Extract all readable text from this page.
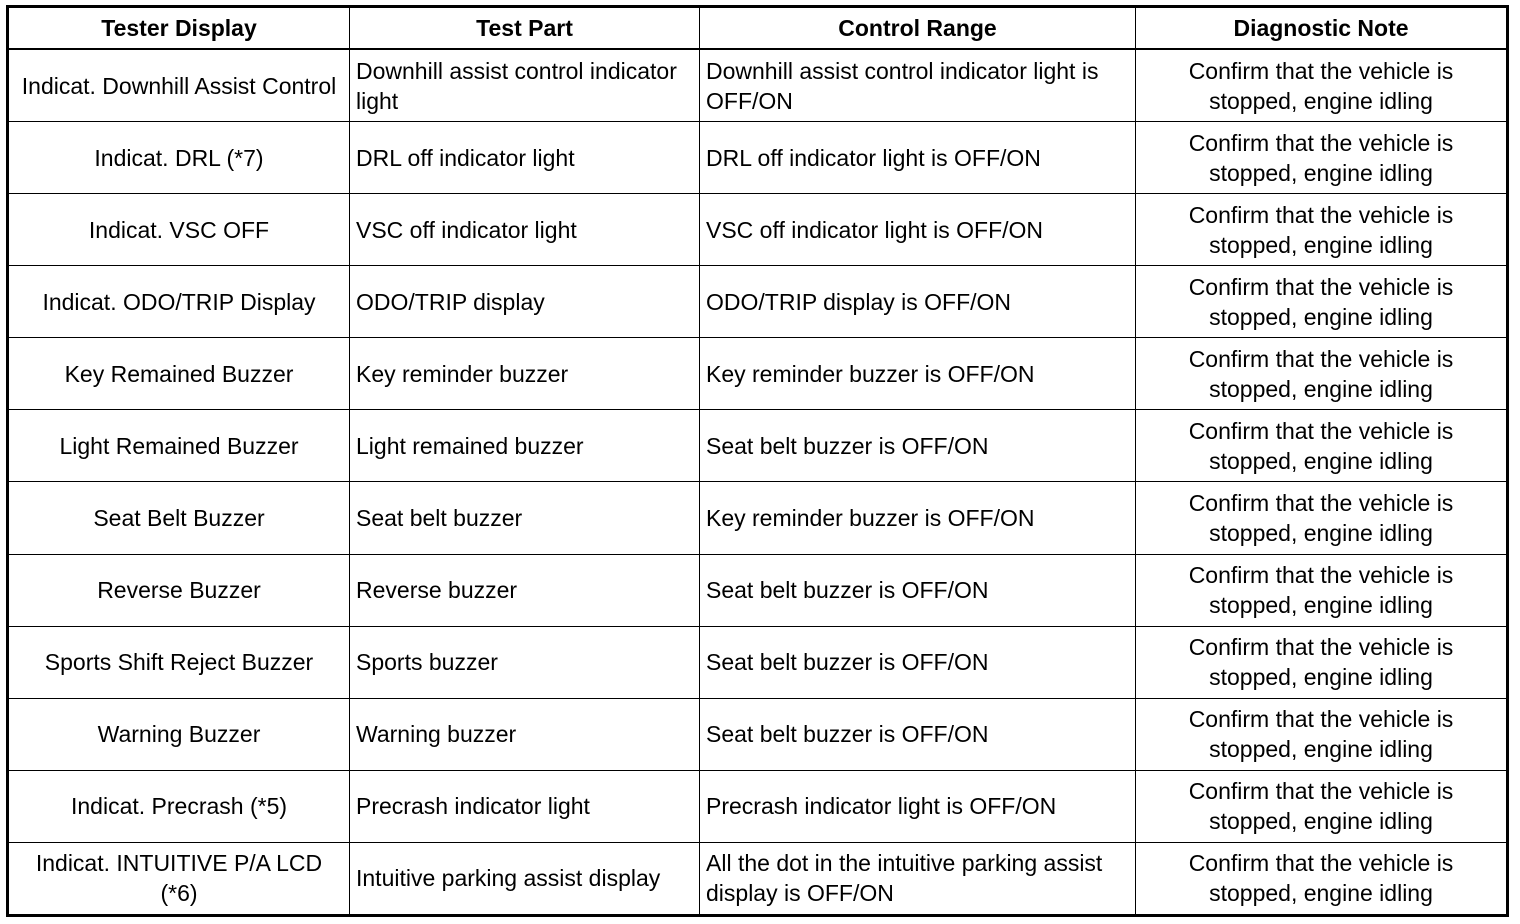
Tester Display	Test Part	Control Range	Diagnostic Note
Indicat. Downhill Assist Control	Downhill assist control indicator light	Downhill assist control indicator light is OFF/ON	Confirm that the vehicle is stopped, engine idling
Indicat. DRL (*7)	DRL off indicator light	DRL off indicator light is OFF/ON	Confirm that the vehicle is stopped, engine idling
Indicat. VSC OFF	VSC off indicator light	VSC off indicator light is OFF/ON	Confirm that the vehicle is stopped, engine idling
Indicat. ODO/TRIP Display	ODO/TRIP display	ODO/TRIP display is OFF/ON	Confirm that the vehicle is stopped, engine idling
Key Remained Buzzer	Key reminder buzzer	Key reminder buzzer is OFF/ON	Confirm that the vehicle is stopped, engine idling
Light Remained Buzzer	Light remained buzzer	Seat belt buzzer is OFF/ON	Confirm that the vehicle is stopped, engine idling
Seat Belt Buzzer	Seat belt buzzer	Key reminder buzzer is OFF/ON	Confirm that the vehicle is stopped, engine idling
Reverse Buzzer	Reverse buzzer	Seat belt buzzer is OFF/ON	Confirm that the vehicle is stopped, engine idling
Sports Shift Reject Buzzer	Sports buzzer	Seat belt buzzer is OFF/ON	Confirm that the vehicle is stopped, engine idling
Warning Buzzer	Warning buzzer	Seat belt buzzer is OFF/ON	Confirm that the vehicle is stopped, engine idling
Indicat. Precrash (*5)	Precrash indicator light	Precrash indicator light is OFF/ON	Confirm that the vehicle is stopped, engine idling
Indicat. INTUITIVE P/A LCD (*6)	Intuitive parking assist display	All the dot in the intuitive parking assist display is OFF/ON	Confirm that the vehicle is stopped, engine idling
